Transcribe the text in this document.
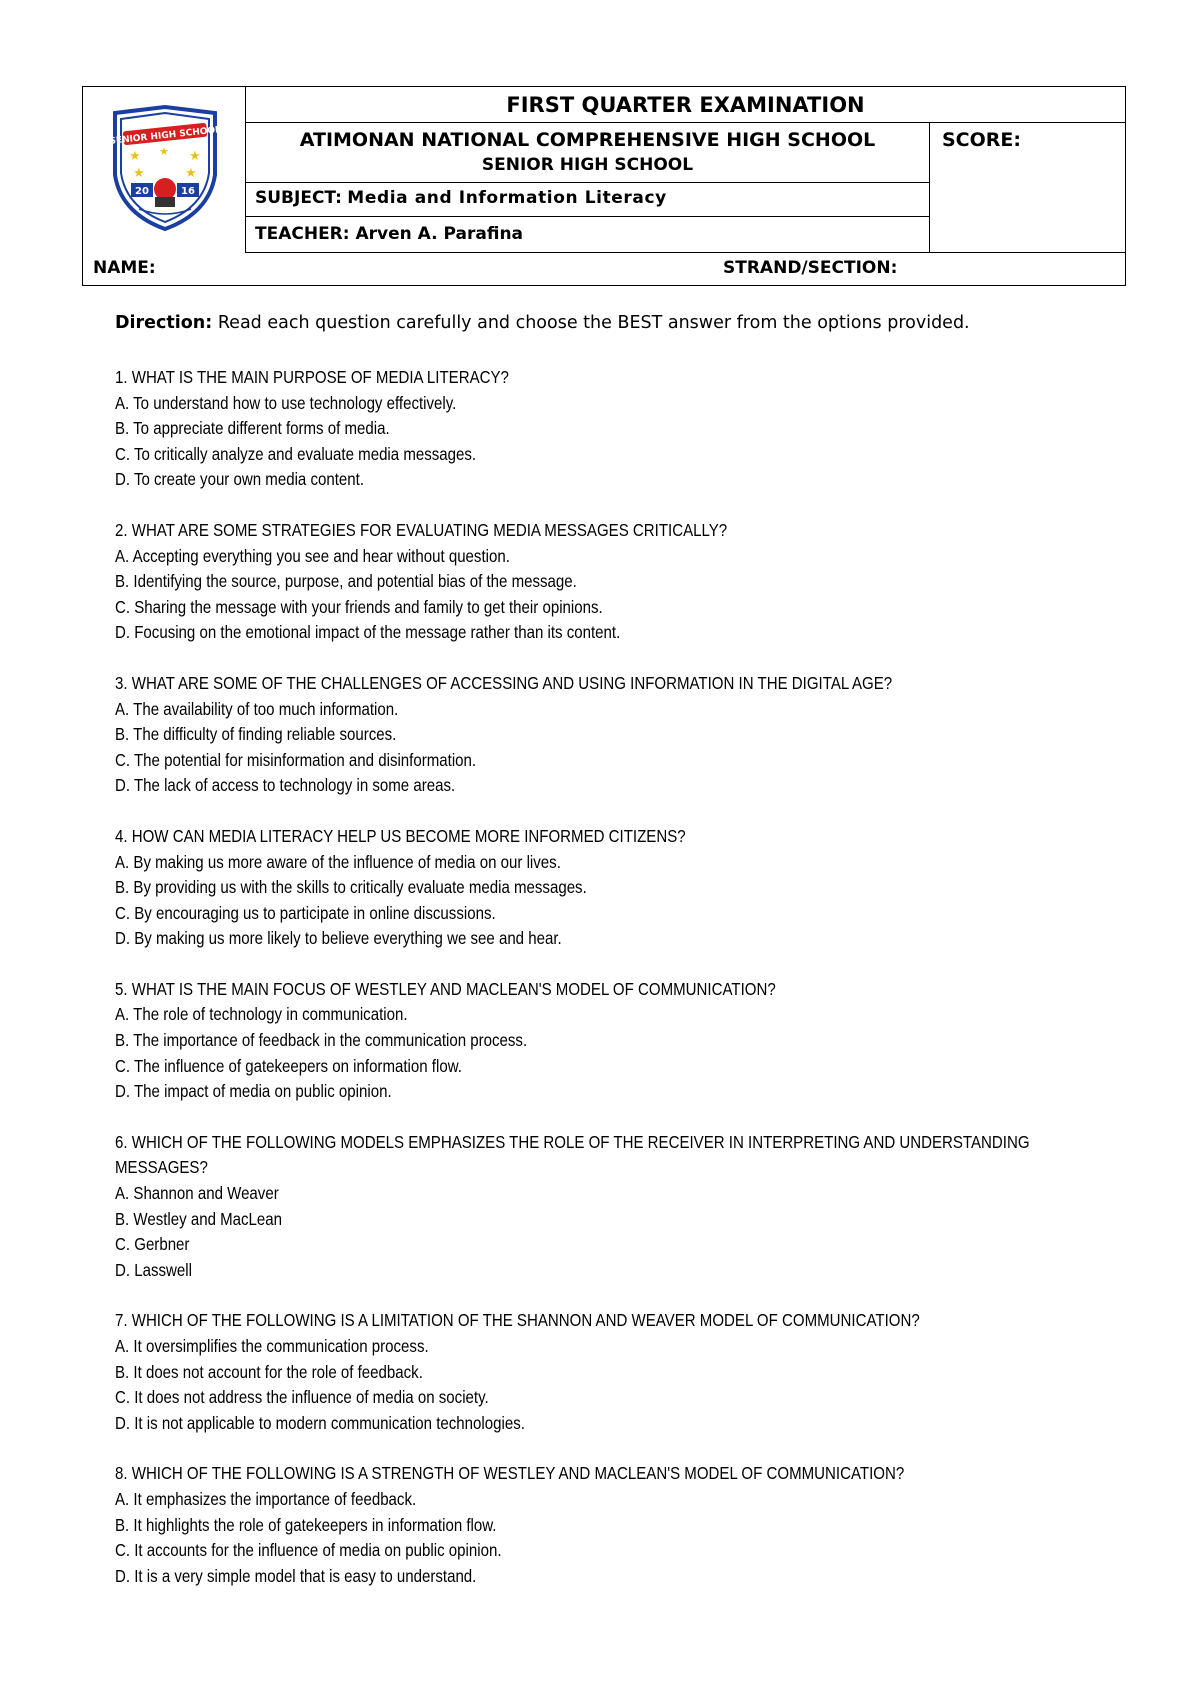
SENIOR HIGH SCHOOL
★	★
★	★
★
20	16
FIRST QUARTER EXAMINATION
ATIMONAN NATIONAL COMPREHENSIVE HIGH SCHOOL
SENIOR HIGH SCHOOL
SCORE:
SUBJECT: Media and Information Literacy
TEACHER: Arven A. Parafina
NAME:	STRAND/SECTION:
Direction: Read each question carefully and choose the BEST answer from the options provided.
1. WHAT IS THE MAIN PURPOSE OF MEDIA LITERACY?
A. To understand how to use technology effectively.
B. To appreciate different forms of media.
C. To critically analyze and evaluate media messages.
D. To create your own media content.
2. WHAT ARE SOME STRATEGIES FOR EVALUATING MEDIA MESSAGES CRITICALLY?
A. Accepting everything you see and hear without question.
B. Identifying the source, purpose, and potential bias of the message.
C. Sharing the message with your friends and family to get their opinions.
D. Focusing on the emotional impact of the message rather than its content.
3. WHAT ARE SOME OF THE CHALLENGES OF ACCESSING AND USING INFORMATION IN THE DIGITAL AGE?
A. The availability of too much information.
B. The difficulty of finding reliable sources.
C. The potential for misinformation and disinformation.
D. The lack of access to technology in some areas.
4. HOW CAN MEDIA LITERACY HELP US BECOME MORE INFORMED CITIZENS?
A. By making us more aware of the influence of media on our lives.
B. By providing us with the skills to critically evaluate media messages.
C. By encouraging us to participate in online discussions.
D. By making us more likely to believe everything we see and hear.
5. WHAT IS THE MAIN FOCUS OF WESTLEY AND MACLEAN'S MODEL OF COMMUNICATION?
A. The role of technology in communication.
B. The importance of feedback in the communication process.
C. The influence of gatekeepers on information flow.
D. The impact of media on public opinion.
6. WHICH OF THE FOLLOWING MODELS EMPHASIZES THE ROLE OF THE RECEIVER IN INTERPRETING AND UNDERSTANDING MESSAGES?
A. Shannon and Weaver
B. Westley and MacLean
C. Gerbner
D. Lasswell
7. WHICH OF THE FOLLOWING IS A LIMITATION OF THE SHANNON AND WEAVER MODEL OF COMMUNICATION?
A. It oversimplifies the communication process.
B. It does not account for the role of feedback.
C. It does not address the influence of media on society.
D. It is not applicable to modern communication technologies.
8. WHICH OF THE FOLLOWING IS A STRENGTH OF WESTLEY AND MACLEAN'S MODEL OF COMMUNICATION?
A. It emphasizes the importance of feedback.
B. It highlights the role of gatekeepers in information flow.
C. It accounts for the influence of media on public opinion.
D. It is a very simple model that is easy to understand.
